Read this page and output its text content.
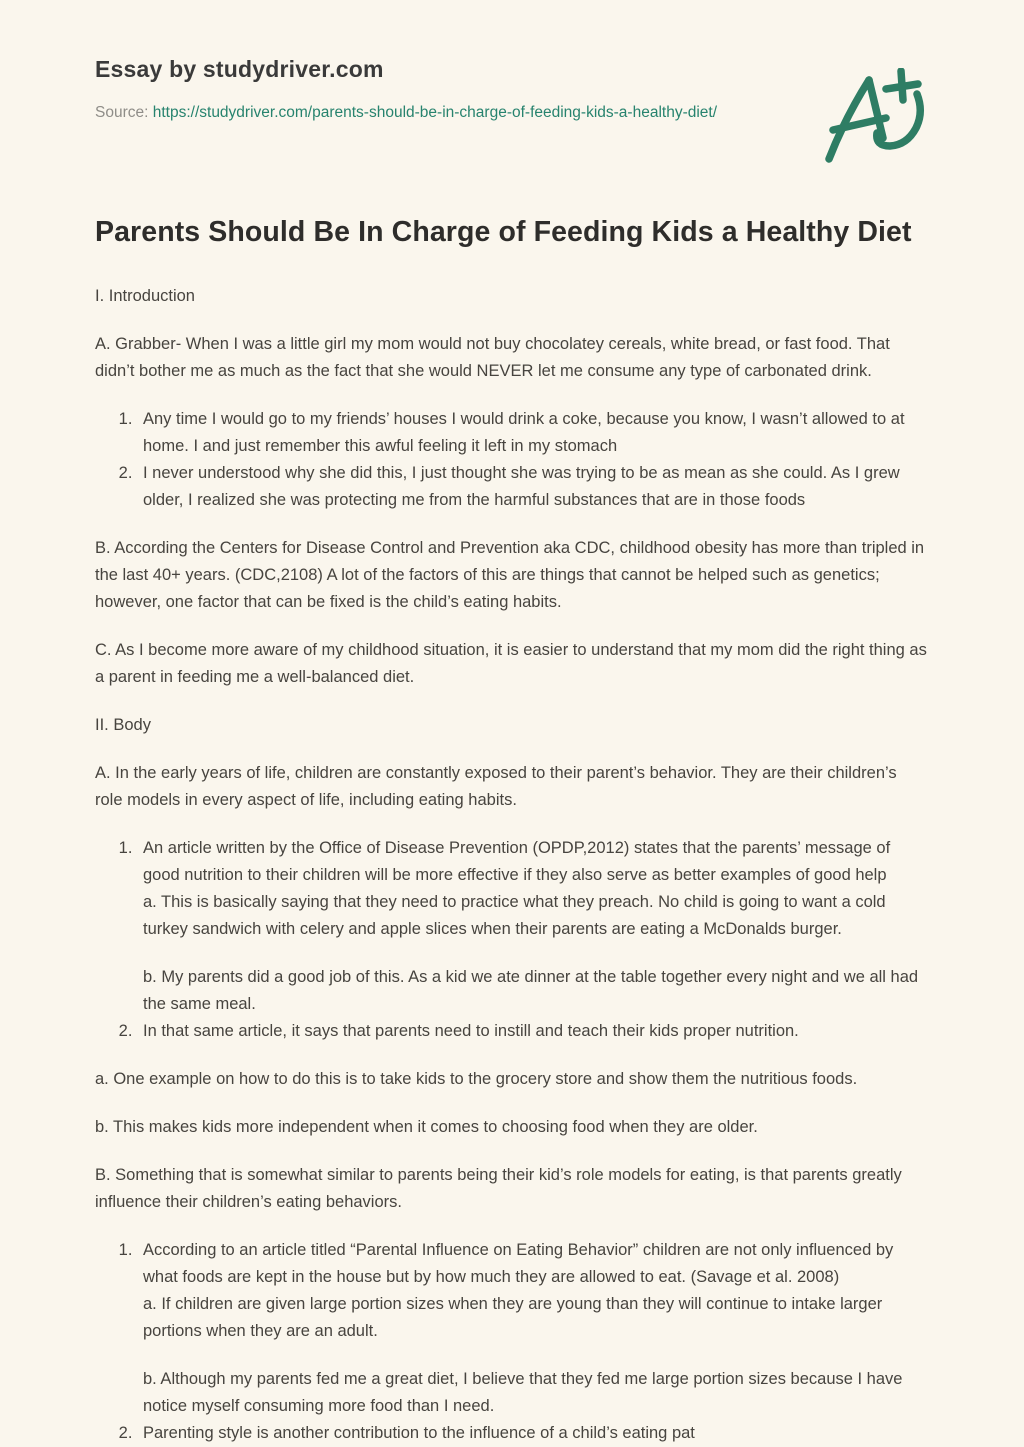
Essay by studydriver.com
Source: https://studydriver.com/parents-should-be-in-charge-of-feeding-kids-a-healthy-diet/
Parents Should Be In Charge of Feeding Kids a Healthy Diet

I. Introduction

A. Grabber- When I was a little girl my mom would not buy chocolatey cereals, white bread, or fast food. That didn’t bother me as much as the fact that she would NEVER let me consume any type of carbonated drink.

1. Any time I would go to my friends’ houses I would drink a coke, because you know, I wasn’t allowed to at home. I and just remember this awful feeling it left in my stomach

2. I never understood why she did this, I just thought she was trying to be as mean as she could. As I grew older, I realized she was protecting me from the harmful substances that are in those foods

B. According the Centers for Disease Control and Prevention aka CDC, childhood obesity has more than tripled in the last 40+ years. (CDC,2108) A lot of the factors of this are things that cannot be helped such as genetics; however, one factor that can be fixed is the child’s eating habits.

C. As I become more aware of my childhood situation, it is easier to understand that my mom did the right thing as a parent in feeding me a well-balanced diet.

II. Body

A. In the early years of life, children are constantly exposed to their parent’s behavior. They are their children’s role models in every aspect of life, including eating habits.

1. An article written by the Office of Disease Prevention (OPDP,2012) states that the parents’ message of good nutrition to their children will be more effective if they also serve as better examples of good help
a. This is basically saying that they need to practice what they preach. No child is going to want a cold turkey sandwich with celery and apple slices when their parents are eating a McDonalds burger.

b. My parents did a good job of this. As a kid we ate dinner at the table together every night and we all had the same meal.

2. In that same article, it says that parents need to instill and teach their kids proper nutrition.

a. One example on how to do this is to take kids to the grocery store and show them the nutritious foods.

b. This makes kids more independent when it comes to choosing food when they are older.

B. Something that is somewhat similar to parents being their kid’s role models for eating, is that parents greatly influence their children’s eating behaviors.

1. According to an article titled “Parental Influence on Eating Behavior” children are not only influenced by what foods are kept in the house but by how much they are allowed to eat. (Savage et al. 2008)
a. If children are given large portion sizes when they are young than they will continue to intake larger portions when they are an adult.

b. Although my parents fed me a great diet, I believe that they fed me large portion sizes because I have notice myself consuming more food than I need.

2. Parenting style is another contribution to the influence of a child’s eating pat
